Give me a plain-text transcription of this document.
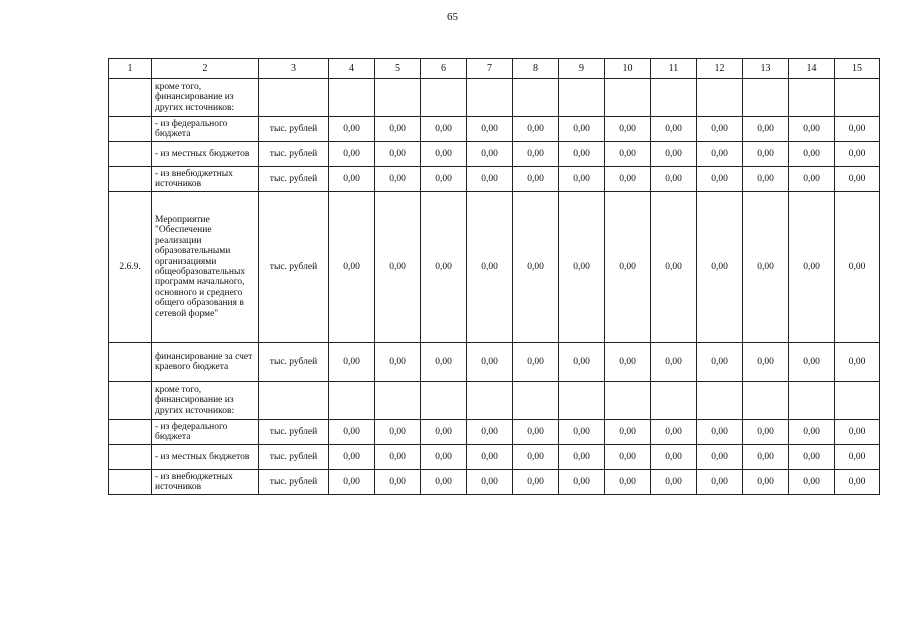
65
1	2	3	4	5	6	7	8	9	10	11	12	13	14	15
	кроме того, финансирование из других источников:													
	- из федерального бюджета	тыс. рублей	0,00	0,00	0,00	0,00	0,00	0,00	0,00	0,00	0,00	0,00	0,00	0,00
	- из местных бюджетов	тыс. рублей	0,00	0,00	0,00	0,00	0,00	0,00	0,00	0,00	0,00	0,00	0,00	0,00
	- из внебюджетных источников	тыс. рублей	0,00	0,00	0,00	0,00	0,00	0,00	0,00	0,00	0,00	0,00	0,00	0,00
2.6.9.	Мероприятие "Обеспечение реализации образовательными организациями общеобразовательных программ начального, основного и среднего общего образования в сетевой форме"	тыс. рублей	0,00	0,00	0,00	0,00	0,00	0,00	0,00	0,00	0,00	0,00	0,00	0,00
	финансирование за счет краевого бюджета	тыс. рублей	0,00	0,00	0,00	0,00	0,00	0,00	0,00	0,00	0,00	0,00	0,00	0,00
	кроме того, финансирование из других источников:													
	- из федерального бюджета	тыс. рублей	0,00	0,00	0,00	0,00	0,00	0,00	0,00	0,00	0,00	0,00	0,00	0,00
	- из местных бюджетов	тыс. рублей	0,00	0,00	0,00	0,00	0,00	0,00	0,00	0,00	0,00	0,00	0,00	0,00
	- из внебюджетных источников	тыс. рублей	0,00	0,00	0,00	0,00	0,00	0,00	0,00	0,00	0,00	0,00	0,00	0,00
